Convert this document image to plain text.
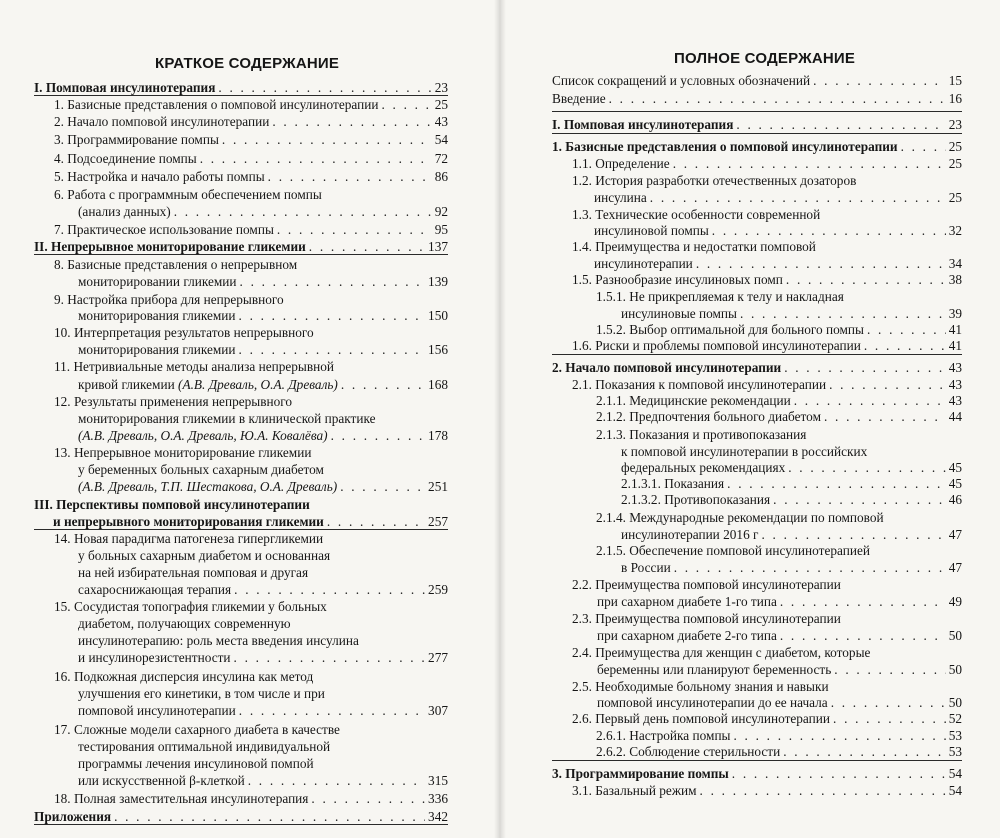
КРАТКОЕ СОДЕРЖАНИЕ
I. Помповая инсулинотерапия . . .	23
1. Базисные представления о помповой инсулинотерапии . . .	25
2. Начало помповой инсулинотерапии . . .	43
3. Программирование помпы . . .	54
4. Подсоединение помпы . . .	72
5. Настройка и начало работы помпы . . .	86
6. Работа с программным обеспечением помпы
(анализ данных) . . .	92
7. Практическое использование помпы . . .	95
II. Непрерывное мониторирование гликемии . . .	137
8. Базисные представления о непрерывном
мониторировании гликемии . . .	139
9. Настройка прибора для непрерывного
мониторирования гликемии . . .	150
10. Интерпретация результатов непрерывного
мониторирования гликемии . . .	156
11. Нетривиальные методы анализа непрерывной
кривой гликемии (А.В. Древаль, О.А. Древаль) . . .	168
12. Результаты применения непрерывного
мониторирования гликемии в клинической практике
(А.В. Древаль, О.А. Древаль, Ю.А. Ковалёва) . . .	178
13. Непрерывное мониторирование гликемии
у беременных больных сахарным диабетом
(А.В. Древаль, Т.П. Шестакова, О.А. Древаль) . . .	251
III. Перспективы помповой инсулинотерапии
и непрерывного мониторирования гликемии . . .	257
14. Новая парадигма патогенеза гипергликемии
у больных сахарным диабетом и основанная
на ней избирательная помповая и другая
сахароснижающая терапия . . .	259
15. Сосудистая топография гликемии у больных
диабетом, получающих современную
инсулинотерапию: роль места введения инсулина
и инсулинорезистентности . . .	277
16. Подкожная дисперсия инсулина как метод
улучшения его кинетики, в том числе и при
помповой инсулинотерапии . . .	307
17. Сложные модели сахарного диабета в качестве
тестирования оптимальной индивидуальной
программы лечения инсулиновой помпой
или искусственной β-клеткой . . .	315
18. Полная заместительная инсулинотерапия . . .	336
Приложения . . .	342
ПОЛНОЕ СОДЕРЖАНИЕ
Список сокращений и условных обозначений . . .	15
Введение . . .	16
I. Помповая инсулинотерапия . . .	23
1. Базисные представления о помповой инсулинотерапии . . .	25
1.1. Определение . . .	25
1.2. История разработки отечественных дозаторов
инсулина . . .	25
1.3. Технические особенности современной
инсулиновой помпы . . .	32
1.4. Преимущества и недостатки помповой
инсулинотерапии . . .	34
1.5. Разнообразие инсулиновых помп . . .	38
1.5.1. Не прикрепляемая к телу и накладная
инсулиновые помпы . . .	39
1.5.2. Выбор оптимальной для больного помпы . . .	41
1.6. Риски и проблемы помповой инсулинотерапии . . .	41
2. Начало помповой инсулинотерапии . . .	43
2.1. Показания к помповой инсулинотерапии . . .	43
2.1.1. Медицинские рекомендации . . .	43
2.1.2. Предпочтения больного диабетом . . .	44
2.1.3. Показания и противопоказания
к помповой инсулинотерапии в российских
федеральных рекомендациях . . .	45
2.1.3.1. Показания . . .	45
2.1.3.2. Противопоказания . . .	46
2.1.4. Международные рекомендации по помповой
инсулинотерапии 2016 г . . .	47
2.1.5. Обеспечение помповой инсулинотерапией
в России . . .	47
2.2. Преимущества помповой инсулинотерапии
при сахарном диабете 1-го типа . . .	49
2.3. Преимущества помповой инсулинотерапии
при сахарном диабете 2-го типа . . .	50
2.4. Преимущества для женщин с диабетом, которые
беременны или планируют беременность . . .	50
2.5. Необходимые больному знания и навыки
помповой инсулинотерапии до ее начала . . .	50
2.6. Первый день помповой инсулинотерапии . . .	52
2.6.1. Настройка помпы . . .	53
2.6.2. Соблюдение стерильности . . .	53
3. Программирование помпы . . .	54
3.1. Базальный режим . . .	54
